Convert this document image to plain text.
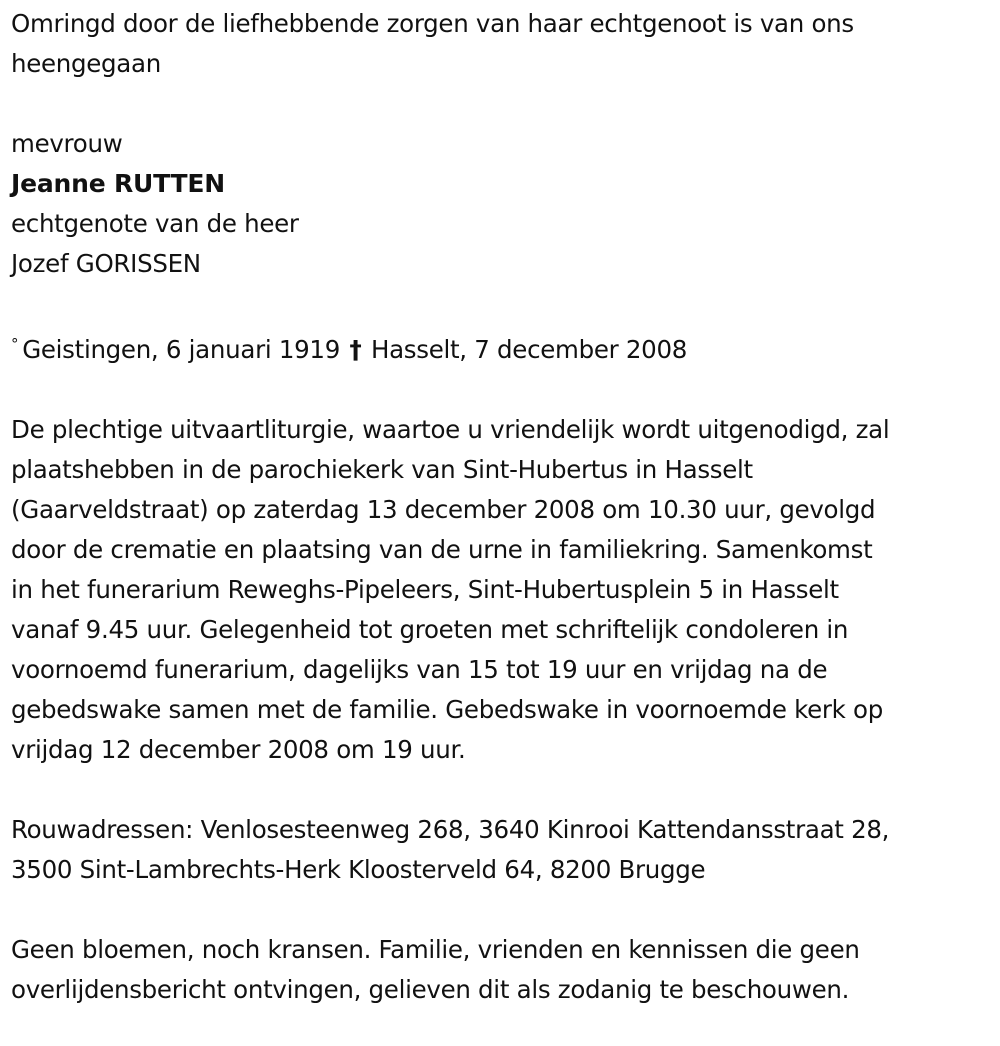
Omringd door de liefhebbende zorgen van haar echtgenoot is van ons
heengegaan
mevrouw
Jeanne RUTTEN
echtgenote van de heer
Jozef GORISSEN
° Geistingen, 6 januari 1919 † Hasselt, 7 december 2008
De plechtige uitvaartliturgie, waartoe u vriendelijk wordt uitgenodigd, zal
plaatshebben in de parochiekerk van Sint-Hubertus in Hasselt
(Gaarveldstraat) op zaterdag 13 december 2008 om 10.30 uur, gevolgd
door de crematie en plaatsing van de urne in familiekring. Samenkomst
in het funerarium Reweghs-Pipeleers, Sint-Hubertusplein 5 in Hasselt
vanaf 9.45 uur. Gelegenheid tot groeten met schriftelijk condoleren in
voornoemd funerarium, dagelijks van 15 tot 19 uur en vrijdag na de
gebedswake samen met de familie. Gebedswake in voornoemde kerk op
vrijdag 12 december 2008 om 19 uur.
Rouwadressen: Venlosesteenweg 268, 3640 Kinrooi Kattendansstraat 28,
3500 Sint-Lambrechts-Herk Kloosterveld 64, 8200 Brugge
Geen bloemen, noch kransen. Familie, vrienden en kennissen die geen
overlijdensbericht ontvingen, gelieven dit als zodanig te beschouwen.
